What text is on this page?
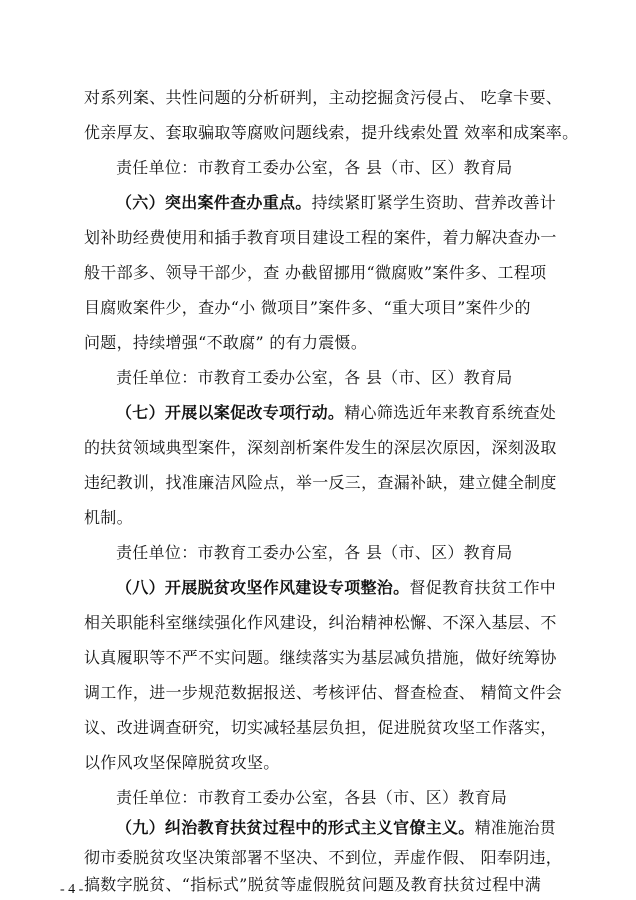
对系列案、共性问题的分析研判，主动挖掘贪污侵占、 吃拿卡要、
优亲厚友、套取骗取等腐败问题线索，提升线索处置 效率和成案率。
责任单位：市教育工委办公室，各 县（市、区）教育局
（六）突出案件查办重点。持续紧盯紧学生资助、营养改善计
划补助经费使用和插手教育项目建设工程的案件，着力解决查办一
般干部多、领导干部少，查 办截留挪用“微腐败”案件多、工程项
目腐败案件少，查办“小 微项目”案件多、“重大项目”案件少的
问题，持续增强“不敢腐” 的有力震慑。
责任单位：市教育工委办公室，各 县（市、区）教育局
（七）开展以案促改专项行动。精心筛选近年来教育系统查处
的扶贫领域典型案件，深刻剖析案件发生的深层次原因，深刻汲取
违纪教训，找准廉洁风险点，举一反三，查漏补缺，建立健全制度
机制。
责任单位：市教育工委办公室，各 县（市、区）教育局
（八）开展脱贫攻坚作风建设专项整治。督促教育扶贫工作中
相关职能科室继续强化作风建设，纠治精神松懈、不深入基层、不
认真履职等不严不实问题。继续落实为基层减负措施，做好统筹协
调工作，进一步规范数据报送、考核评估、督查检查、 精简文件会
议、改进调查研究，切实减轻基层负担，促进脱贫攻坚工作落实，
以作风攻坚保障脱贫攻坚。
责任单位：市教育工委办公室，各县（市、区）教育局
（九）纠治教育扶贫过程中的形式主义官僚主义。精准施治贯
彻市委脱贫攻坚决策部署不坚决、不到位，弄虚作假、 阳奉阴违，
搞数字脱贫、“指标式”脱贫等虚假脱贫问题及教育扶贫过程中满
- 4 -
